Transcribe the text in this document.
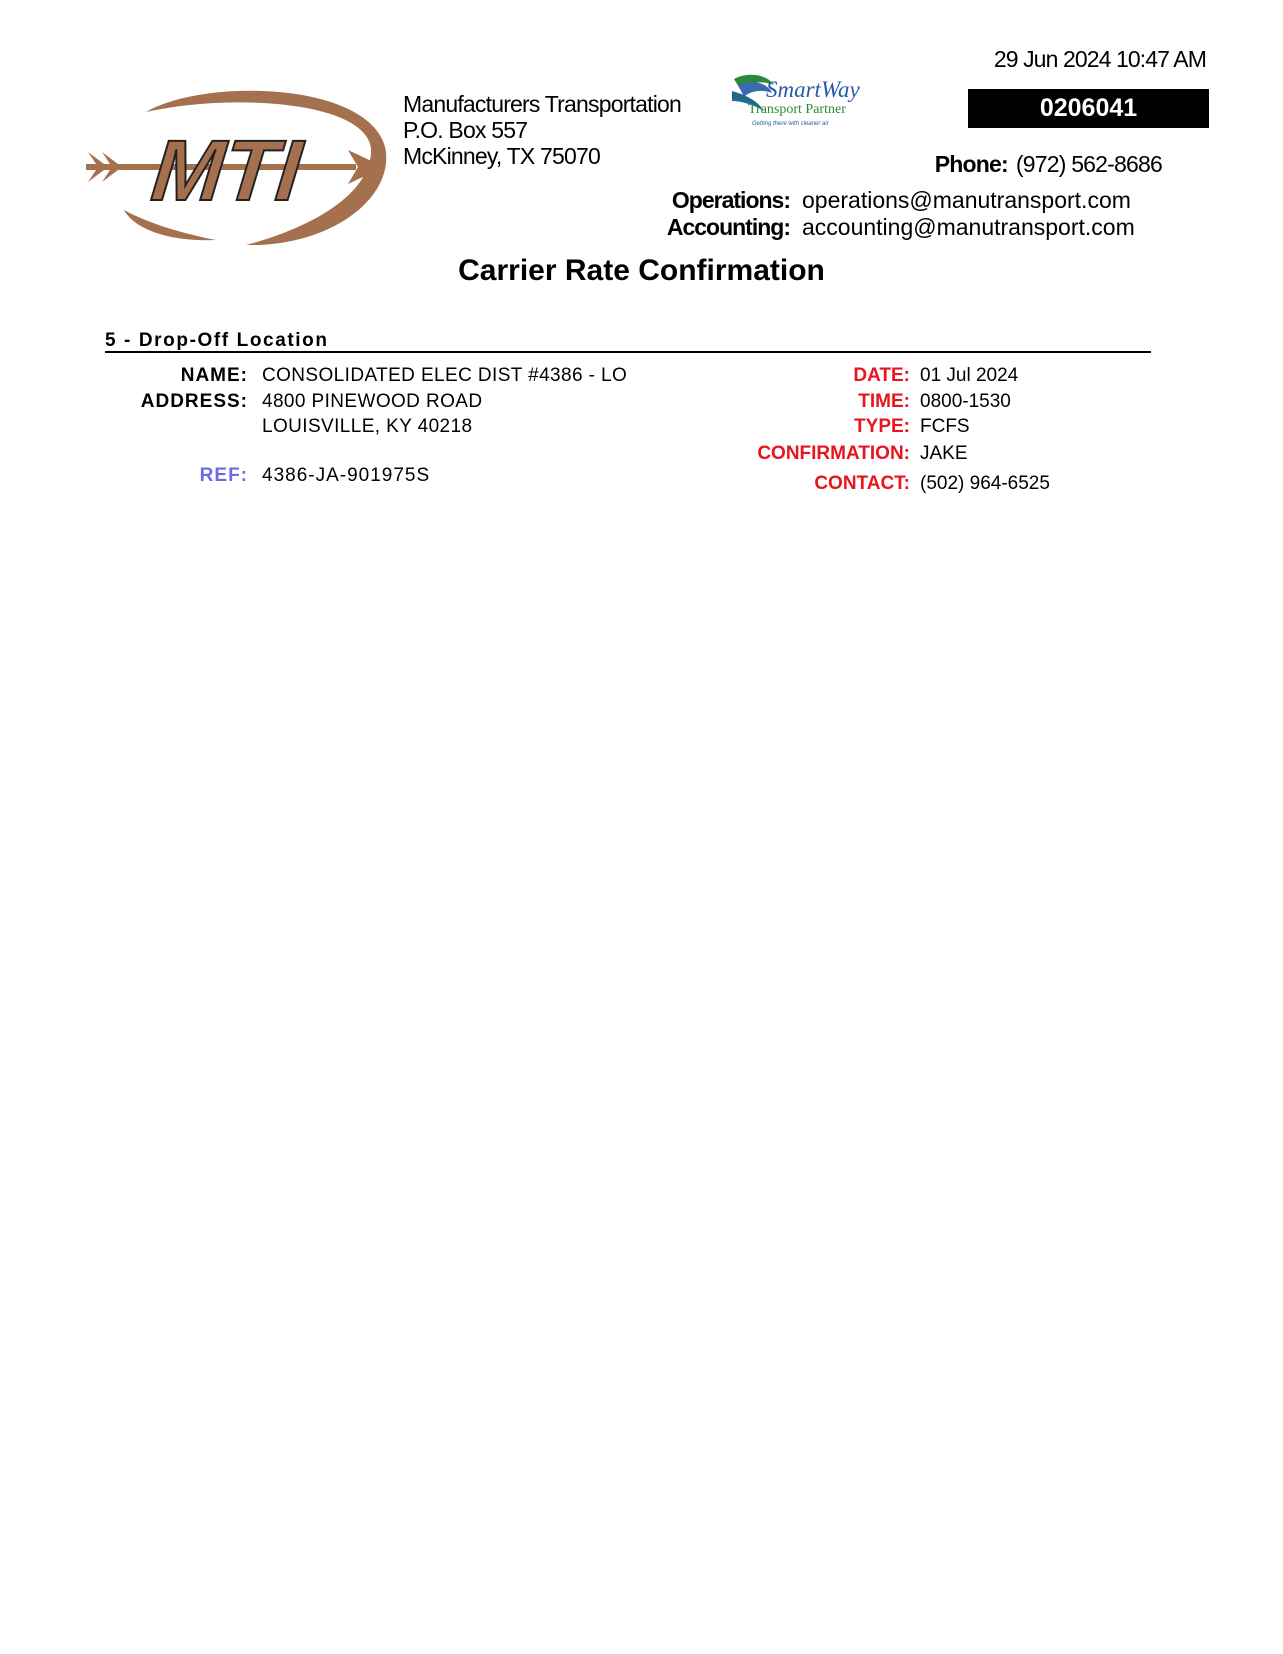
MTI
Manufacturers Transportation
P.O. Box 557
McKinney, TX 75070
SmartWay
Transport Partner
Getting there with cleaner air
29 Jun 2024 10:47 AM
0206041
Phone: (972) 562-8686
Operations: operations@manutransport.com
Accounting: accounting@manutransport.com
Carrier Rate Confirmation
5 - Drop-Off Location
NAME: CONSOLIDATED ELEC DIST #4386 - LO
ADDRESS: 4800 PINEWOOD ROAD
LOUISVILLE, KY 40218
REF: 4386-JA-901975S
DATE: 01 Jul 2024
TIME: 0800-1530
TYPE: FCFS
CONFIRMATION: JAKE
CONTACT: (502) 964-6525
